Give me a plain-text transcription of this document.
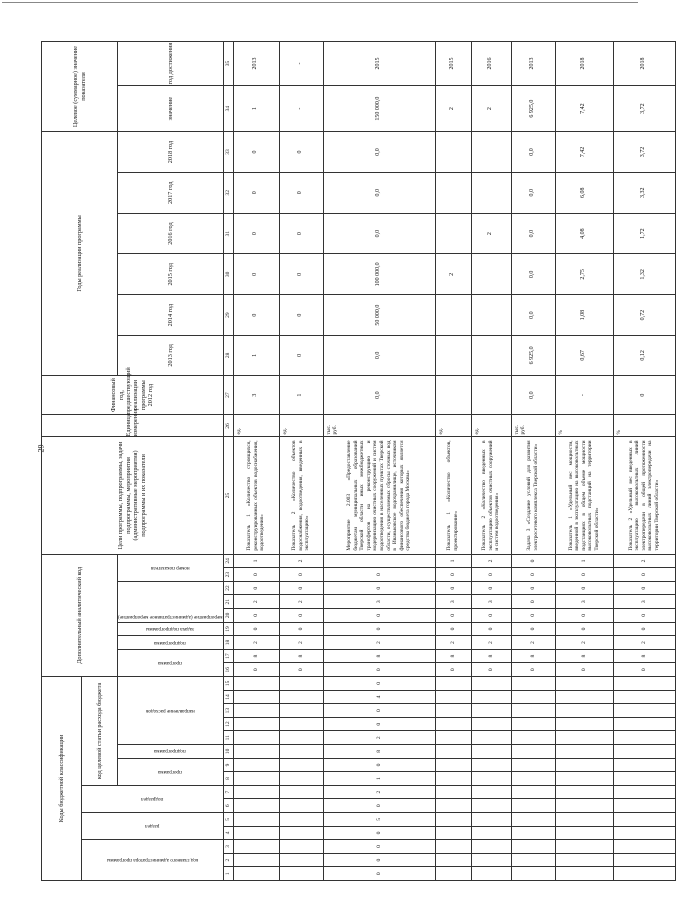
29
Коды бюджетной классификации															Дополнительный аналитический код									Цели программы, подпрограммы, задачи подпрограммы, мероприятия (административные мероприятия) подпрограммы и их показатели	Единица измерения	Финансовый год, предшествующий реализации программы 2012 год	Годы реализации программы						Целевое (суммарное) значение показателя	

код главного администратора программы			раздел		подраздел		код целевой статьи расхода бюджета																											

							программа		подпрограмма	направление расходов					программа		подпрограмма	задача подпрограммы	мероприятие (административное мероприятие)			номер показателя					2013 год	2014 год	2015 год	2016 год	2017 год	2018 год	значение	год достижения
1	2	3	4	5	6	7	8	9	10	11	12	13	14	15	16	17	18	19	20	21	22	23	24	25	26	27	28	29	30	31	32	33	34	35
															0	8	2	0	0	2	0	0	1	Показатель 1 «Количество строящихся, реконструированных объектов водоснабжения, водоотведения»	ед.	3	1	0	0	0	0	0	1	2013
															0	8	2	0	0	2	0	0	2	Показатель 2 «Количество объектов водоснабжения, водоотведения, введенных в эксплуатацию»	ед.	1	0	0	0	0	0	0	-	-
0	0	0	0	5	0	2	1	0	8	2	0	0	4	0	0	8	2	0	0	3	0	0		Мероприятие 2.003 «Предоставление бюджетам муниципальных образований Тверской области иных межбюджетных трансфертов на реконструкцию и модернизацию очистных сооружений и систем водоотведения в населенных пунктах Тверской области, осуществляемых сбросы сточных вод в Иваньковское водохранилище, источником финансового обеспечения которых является средства бюджета города Москвы»	тыс. руб.	0,0	0,0	50 000,0	100 000,0	0,0	0,0	0,0	150 000,0	2015
															0	8	2	0	0	3	0	0	1	Показатель 1 «Количество объектов, проектирование»	ед.				2				2	2015
															0	8	2	0	0	3	0	0	2	Показатель 2 «Количество введенных в эксплуатацию объектов очистных сооружений и систем водоотведения»	ед.					2			2	2016
															0	8	2	0	0	0	0	0	0	Задача 3 «Создание условий для развития электросетевого комплекса Тверской области»	тыс. руб.	0,0	6 925,0	0,0	0,0	0,0	0,0	0,0	6 925,0	2013
															0	8	2	0	0	3	0	0	1	Показатель 1 «Удельный вес мощности, введенной в эксплуатацию на высоковольтных подстанциях в общем объеме мощности высоковольтных подстанций на территории Тверской области»	%	-	0,67	1,08	2,75	4,08	6,08	7,42	7,42	2018
															0	8	2	0	0	3	0	0	2	Показатель 2 «Удельный вес введенных в эксплуатацию высоковольтных линий электропередачи в общей протяженности высоковольтных линий электропередачи на территории Тверской области»	%	0	0,12	0,72	1,32	1,72	3,32	3,72	3,72	2018
